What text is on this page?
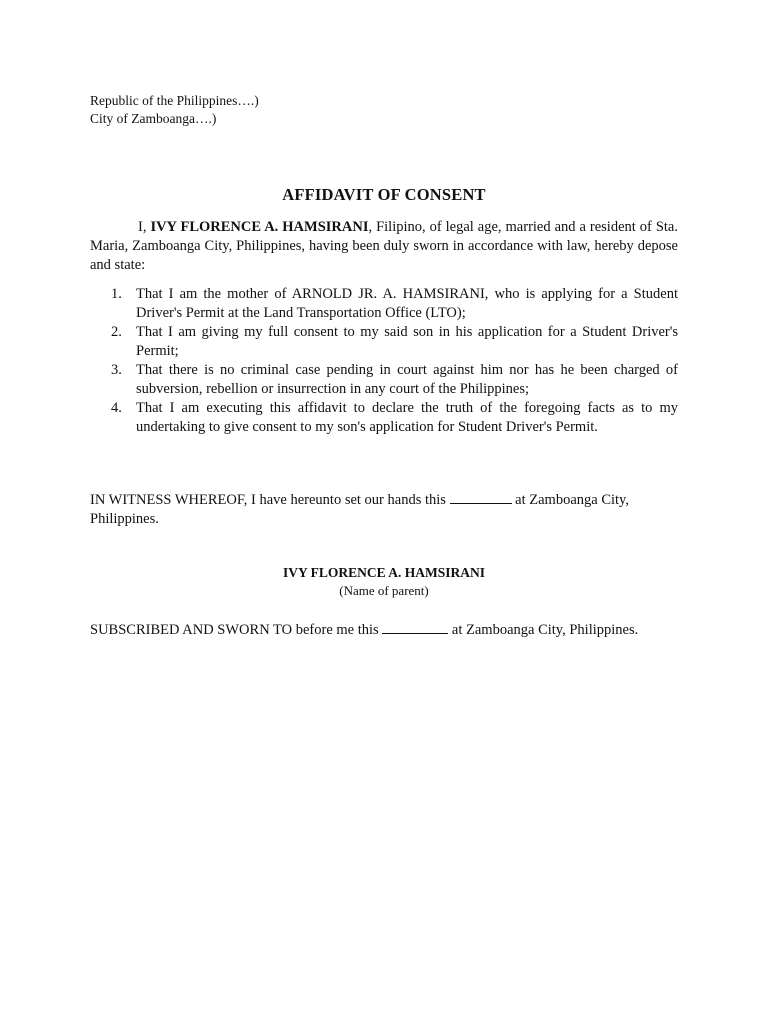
Republic of the Philippines….)
City of Zamboanga….)
AFFIDAVIT OF CONSENT
I, IVY FLORENCE A. HAMSIRANI, Filipino, of legal age, married and a resident of Sta. Maria, Zamboanga City, Philippines, having been duly sworn in accordance with law, hereby depose and state:
1. That I am the mother of ARNOLD JR. A. HAMSIRANI, who is applying for a Student Driver's Permit at the Land Transportation Office (LTO);
2. That I am giving my full consent to my said son in his application for a Student Driver's Permit;
3. That there is no criminal case pending in court against him nor has he been charged of subversion, rebellion or insurrection in any court of the Philippines;
4. That I am executing this affidavit to declare the truth of the foregoing facts as to my undertaking to give consent to my son's application for Student Driver's Permit.
IN WITNESS WHEREOF, I have hereunto set our hands this	at Zamboanga City, Philippines.
IVY FLORENCE A. HAMSIRANI
(Name of parent)
SUBSCRIBED AND SWORN TO before me this	at Zamboanga City, Philippines.
